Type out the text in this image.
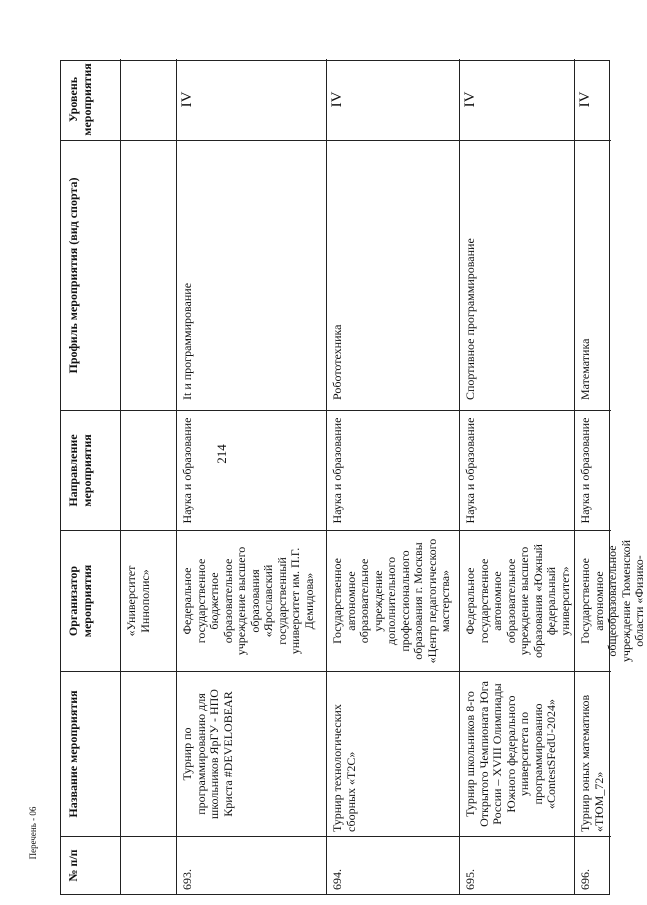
214
№ п/п
Название мероприятия
Организатор мероприятия
Направление мероприятия
Профиль мероприятия (вид спорта)
Уровень мероприятия
«Университет Иннополис»
693.
Турнир по программированию для школьников ЯрГУ - НПО Криста #DEVELOBEAR
Федеральное государственное бюджетное образовательное учреждение высшего образования «Ярославский государственный университет им. П.Г. Демидова»
Наука и образование
It и программирование
IV
694.
Турнир технологических сборных «T2C»
Государственное автономное образовательное учреждение дополнительного профессионального образования г. Москвы «Центр педагогического мастерства»
Наука и образование
Робототехника
IV
695.
Турнир школьников 8-го Открытого Чемпионата Юга России – XVIII Олимпиады Южного федерального университета по программированию «ContestSFedU-2024»
Федеральное государственное автономное образовательное учреждение высшего образования «Южный федеральный университет»
Наука и образование
Спортивное программирование
IV
696.
Турнир юных математиков «ТЮМ_72»
Государственное автономное общеобразовательное учреждение Тюменской области «Физико-
Наука и образование
Математика
IV
Перечень - 06
